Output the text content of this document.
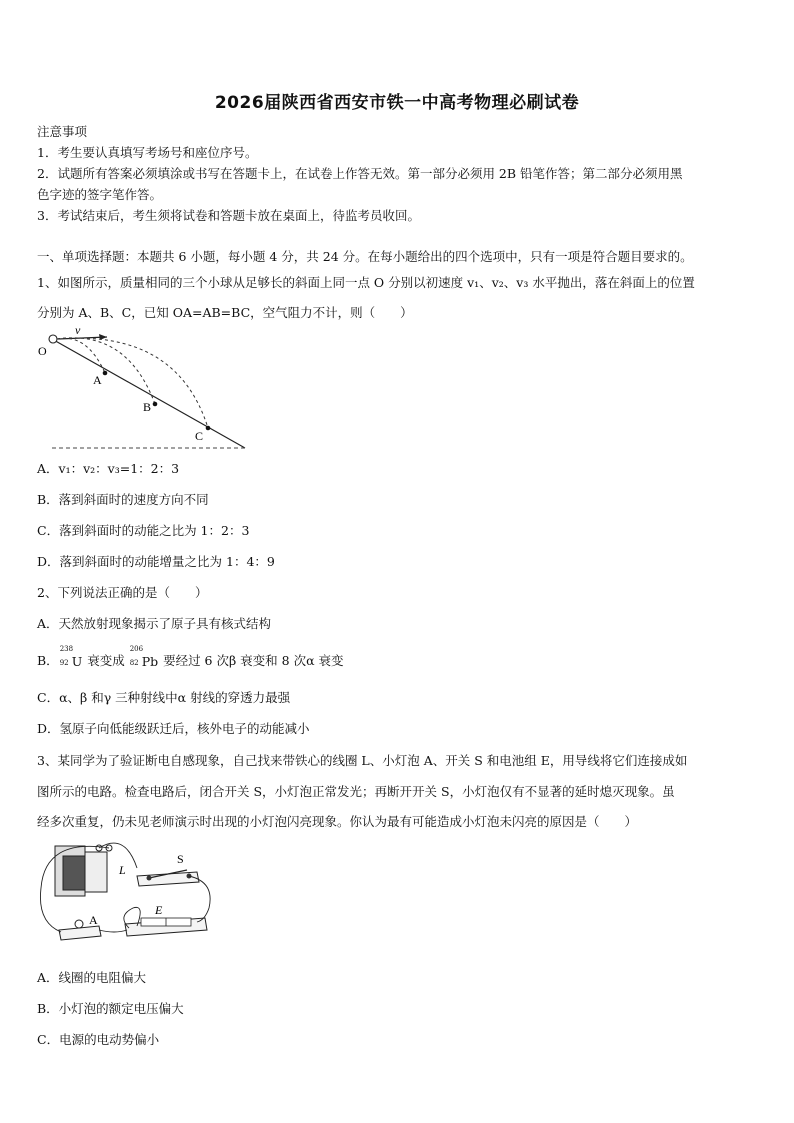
2026届陕西省西安市铁一中高考物理必刷试卷
注意事项
1．考生要认真填写考场号和座位序号。
2．试题所有答案必须填涂或书写在答题卡上，在试卷上作答无效。第一部分必须用 2B 铅笔作答；第二部分必须用黑
色字迹的签字笔作答。
3．考试结束后，考生须将试卷和答题卡放在桌面上，待监考员收回。
一、单项选择题：本题共 6 小题，每小题 4 分，共 24 分。在每小题给出的四个选项中，只有一项是符合题目要求的。
1、如图所示，质量相同的三个小球从足够长的斜面上同一点 O 分别以初速度 v₁、v₂、v₃ 水平抛出，落在斜面上的位置
分别为 A、B、C，已知 OA=AB=BC，空气阻力不计，则（　　）
O
v
A
B
C
A．v₁：v₂：v₃=1：2：3
B．落到斜面时的速度方向不同
C．落到斜面时的动能之比为 1：2：3
D．落到斜面时的动能增量之比为 1：4：9
2、下列说法正确的是（　　）
A．天然放射现象揭示了原子具有核式结构
B．
238
92 U 衰变成
206
82 Pb 要经过 6 次β 衰变和 8 次α 衰变
C．α、β 和γ 三种射线中α 射线的穿透力最强
D．氢原子向低能级跃迁后，核外电子的动能减小
3、某同学为了验证断电自感现象，自己找来带铁心的线圈 L、小灯泡 A、开关 S 和电池组 E，用导线将它们连接成如
图所示的电路。检查电路后，闭合开关 S，小灯泡正常发光；再断开开关 S，小灯泡仅有不显著的延时熄灭现象。虽
经多次重复，仍未见老师演示时出现的小灯泡闪亮现象。你认为最有可能造成小灯泡未闪亮的原因是（　　）
L
S
A
E
A．线圈的电阻偏大
B．小灯泡的额定电压偏大
C．电源的电动势偏小
